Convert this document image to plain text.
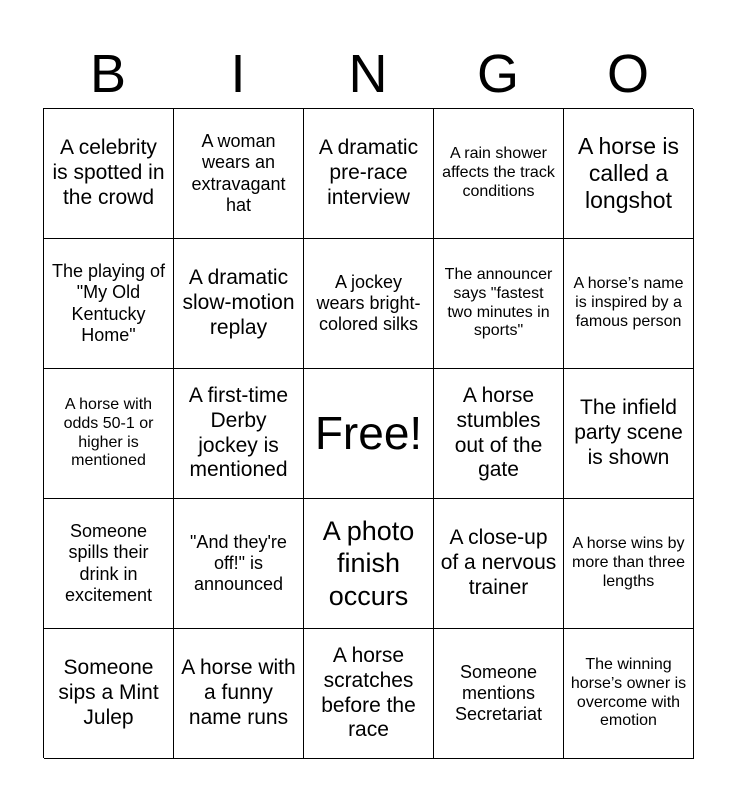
B	I	N	G	O
A celebrity is spotted in the crowd
A woman wears an extravagant hat
A dramatic pre-race interview
A rain shower affects the track conditions
A horse is called a longshot
The playing of "My Old Kentucky Home"
A dramatic slow-motion replay
A jockey wears bright-colored silks
The announcer says "fastest two minutes in sports"
A horse’s name is inspired by a famous person
A horse with odds 50-1 or higher is mentioned
A first-time Derby jockey is mentioned
Free!
A horse stumbles out of the gate
The infield party scene is shown
Someone spills their drink in excitement
"And they're off!" is announced
A photo finish occurs
A close-up of a nervous trainer
A horse wins by more than three lengths
Someone sips a Mint Julep
A horse with a funny name runs
A horse scratches before the race
Someone mentions Secretariat
The winning horse’s owner is overcome with emotion
